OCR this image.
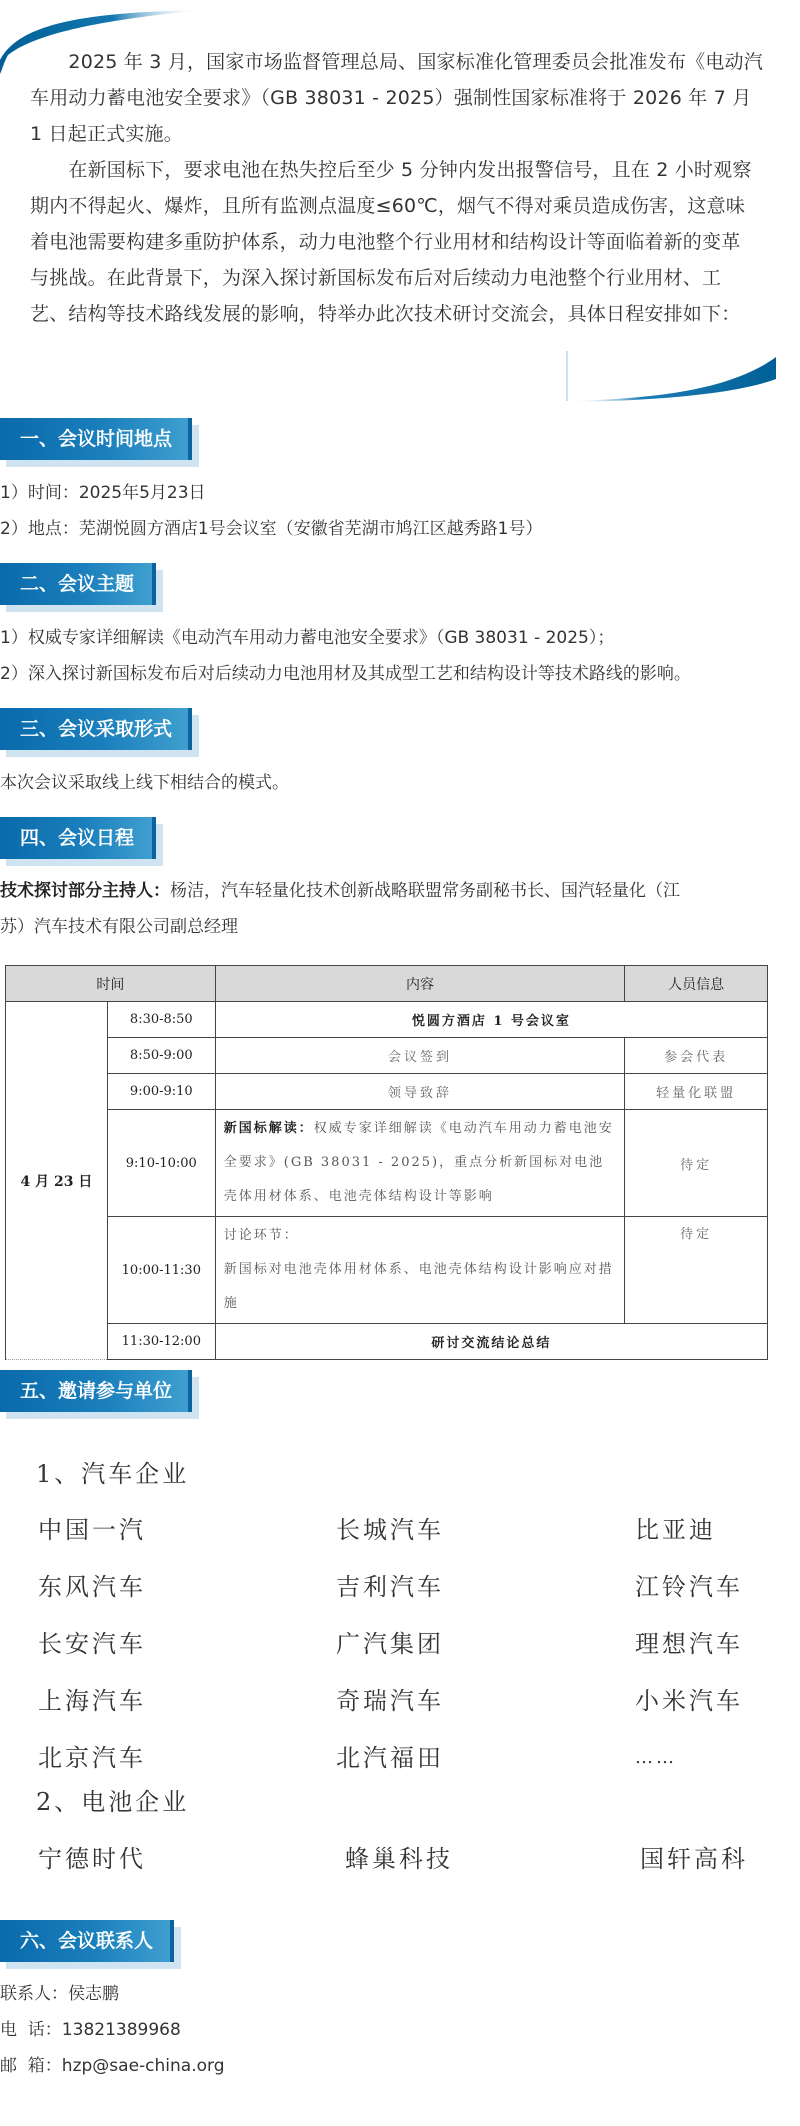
　　2025 年 3 月，国家市场监督管理总局、国家标准化管理委员会批准发布《电动汽
车用动力蓄电池安全要求》（GB 38031 - 2025）强制性国家标准将于 2026 年 7 月
1 日起正式实施。
　　在新国标下，要求电池在热失控后至少 5 分钟内发出报警信号，且在 2 小时观察
期内不得起火、爆炸，且所有监测点温度≤60℃，烟气不得对乘员造成伤害，这意味
着电池需要构建多重防护体系，动力电池整个行业用材和结构设计等面临着新的变革
与挑战。在此背景下，为深入探讨新国标发布后对后续动力电池整个行业用材、工
艺、结构等技术路线发展的影响，特举办此次技术研讨交流会，具体日程安排如下：
一、会议时间地点
1）时间：2025年5月23日
2）地点：芜湖悦圆方酒店1号会议室（安徽省芜湖市鸠江区越秀路1号）
二、会议主题
1）权威专家详细解读《电动汽车用动力蓄电池安全要求》（GB 38031 - 2025）；
2）深入探讨新国标发布后对后续动力电池用材及其成型工艺和结构设计等技术路线的影响。
三、会议采取形式
本次会议采取线上线下相结合的模式。
四、会议日程
技术探讨部分主持人：杨洁，汽车轻量化技术创新战略联盟常务副秘书长、国汽轻量化（江
苏）汽车技术有限公司副总经理
时间		内容	人员信息
4 月 23 日	8:30-8:50	悦圆方酒店 1 号会议室	
	8:50-9:00	会议签到	参会代表
	9:00-9:10	领导致辞	轻量化联盟
	9:10-10:00	新国标解读：权威专家详细解读《电动汽车用动力蓄电池安全要求》(GB 38031 - 2025)，重点分析新国标对电池壳体用材体系、电池壳体结构设计等影响	待定
	10:00-11:30	讨论环节：
新国标对电池壳体用材体系、电池壳体结构设计影响应对措施	待定
	11:30-12:00	研讨交流结论总结	
五、邀请参与单位
1、汽车企业
中国一汽	长城汽车	比亚迪
东风汽车	吉利汽车	江铃汽车
长安汽车	广汽集团	理想汽车
上海汽车	奇瑞汽车	小米汽车
北京汽车	北汽福田	……
2、电池企业
宁德时代	蜂巢科技	国轩高科
六、会议联系人
联系人：侯志鹏
电  话：13821389968
邮  箱：hzp@sae-china.org
